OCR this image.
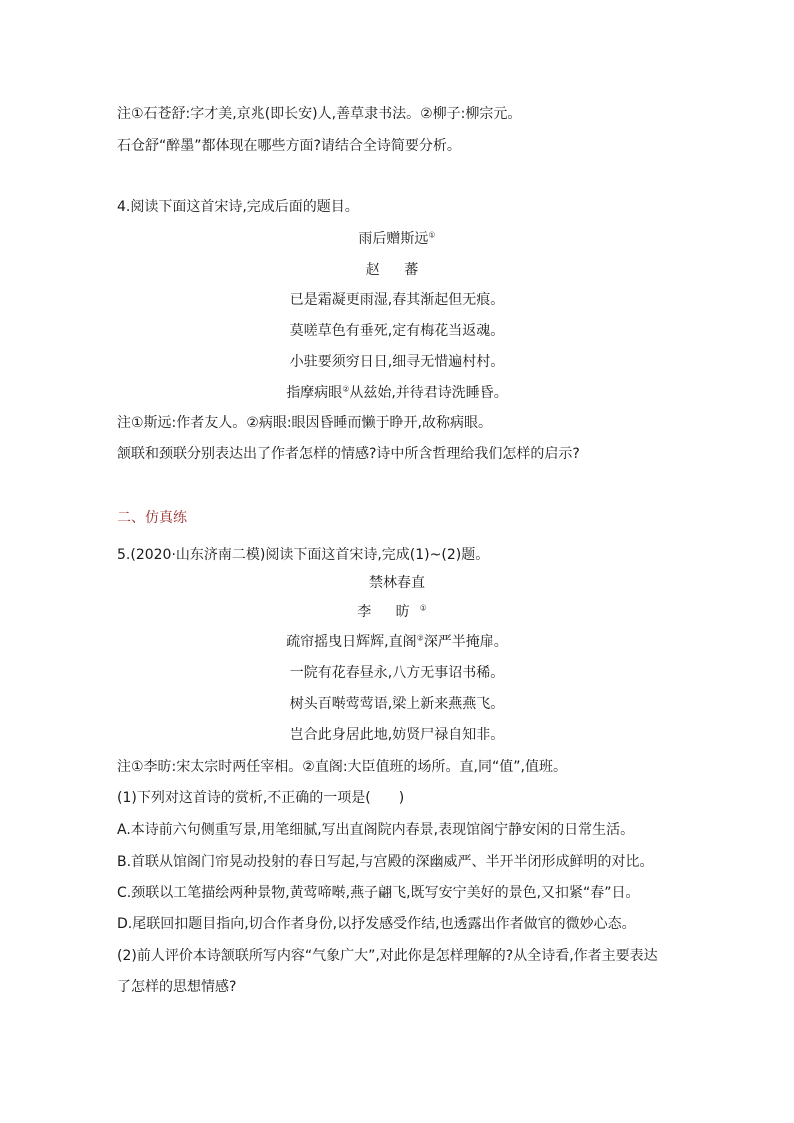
注①石苍舒:字才美,京兆(即长安)人,善草隶书法。②柳子:柳宗元。
石仓舒“醉墨”都体现在哪些方面?请结合全诗简要分析。
4.阅读下面这首宋诗,完成后面的题目。
雨后赠斯远①
赵 蕃
已是霜凝更雨湿,春其渐起但无痕。
莫嗟草色有垂死,定有梅花当返魂。
小驻要须穷日日,细寻无惜遍村村。
指摩病眼②从兹始,并待君诗洗睡昏。
注①斯远:作者友人。②病眼:眼因昏睡而懒于睁开,故称病眼。
颔联和颈联分别表达出了作者怎样的情感?诗中所含哲理给我们怎样的启示?
二、仿真练
5.(2020·山东济南二模)阅读下面这首宋诗,完成(1)~(2)题。
禁林春直
李 昉①
疏帘摇曳日辉辉,直阁②深严半掩扉。
一院有花春昼永,八方无事诏书稀。
树头百啭莺莺语,梁上新来燕燕飞。
岂合此身居此地,妨贤尸禄自知非。
注①李昉:宋太宗时两任宰相。②直阁:大臣值班的场所。直,同“值”,值班。
(1)下列对这首诗的赏析,不正确的一项是(　　)
A.本诗前六句侧重写景,用笔细腻,写出直阁院内春景,表现馆阁宁静安闲的日常生活。
B.首联从馆阁门帘晃动投射的春日写起,与宫殿的深幽威严、半开半闭形成鲜明的对比。
C.颈联以工笔描绘两种景物,黄莺啼啭,燕子翩飞,既写安宁美好的景色,又扣紧“春”日。
D.尾联回扣题目指向,切合作者身份,以抒发感受作结,也透露出作者做官的微妙心态。
(2)前人评价本诗颔联所写内容“气象广大”,对此你是怎样理解的?从全诗看,作者主要表达
了怎样的思想情感?
